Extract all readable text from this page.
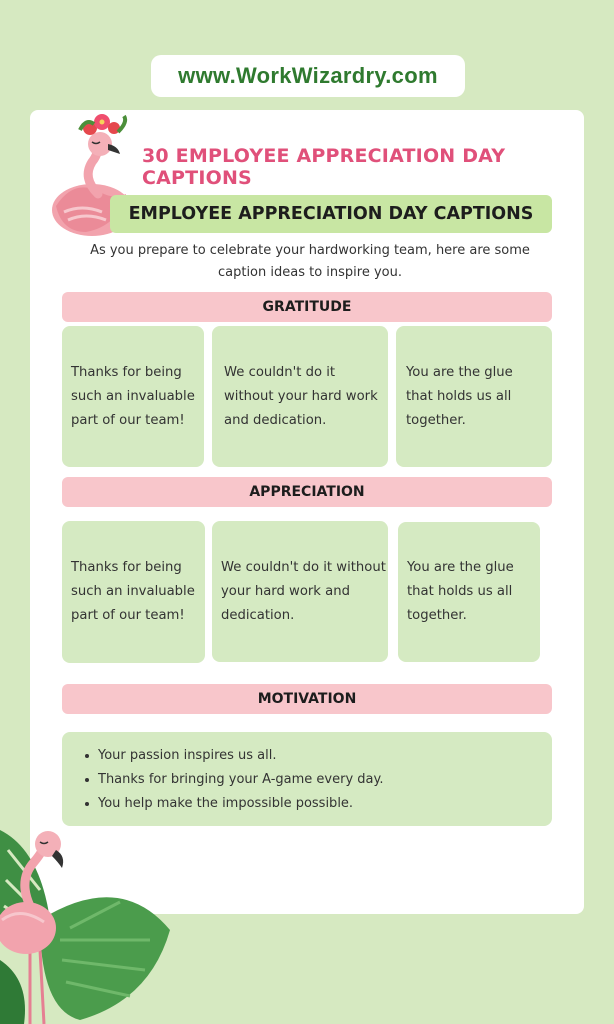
www.WorkWizardry.com
30 EMPLOYEE APPRECIATION DAY CAPTIONS
EMPLOYEE APPRECIATION DAY CAPTIONS
As you prepare to celebrate your hardworking team, here are some caption ideas to inspire you.
GRATITUDE
Thanks for being such an invaluable part of our team!
We couldn't do it without your hard work and dedication.
You are the glue that holds us all together.
APPRECIATION
Thanks for being such an invaluable part of our team!
We couldn't do it without your hard work and dedication.
You are the glue that holds us all together.
MOTIVATION
Your passion inspires us all.
Thanks for bringing your A-game every day.
You help make the impossible possible.
